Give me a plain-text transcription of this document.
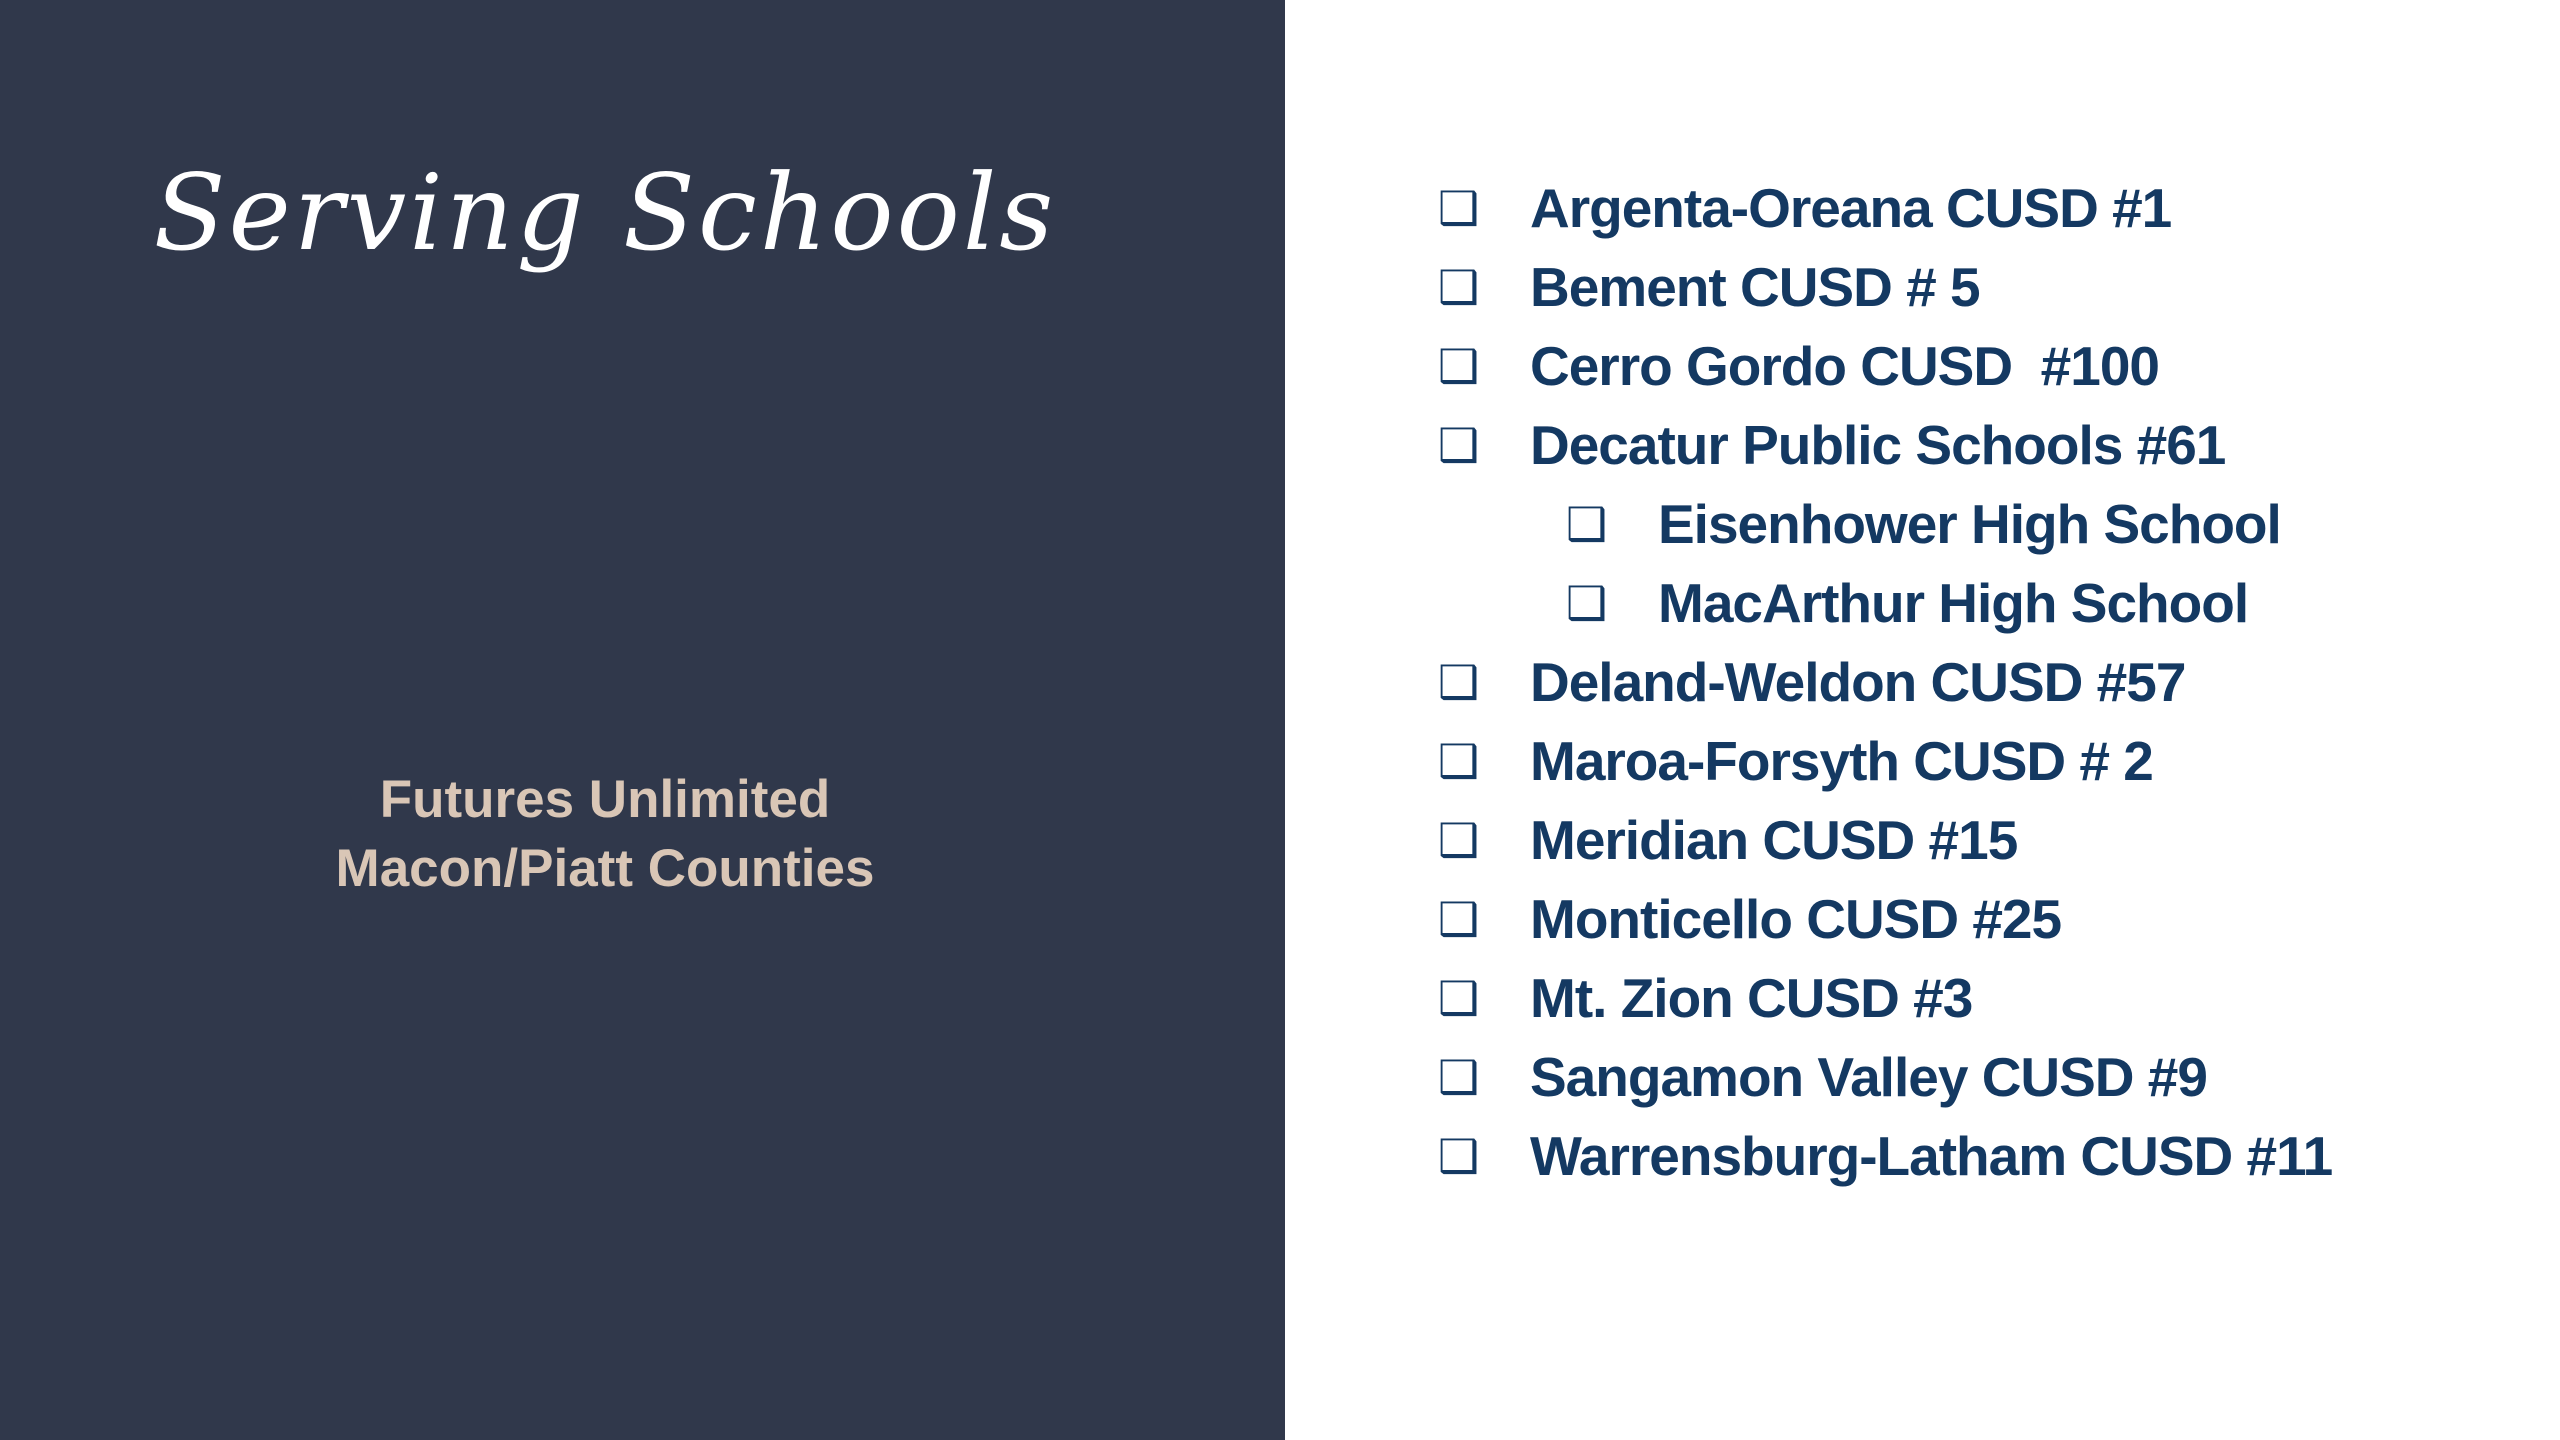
Serving Schools
Futures Unlimited
Macon/Piatt Counties
❑ Argenta-Oreana CUSD #1
❑ Bement CUSD # 5
❑ Cerro Gordo CUSD  #100
❑ Decatur Public Schools #61
❑ Eisenhower High School
❑ MacArthur High School
❑ Deland-Weldon CUSD #57
❑ Maroa-Forsyth CUSD # 2
❑ Meridian CUSD #15
❑ Monticello CUSD #25
❑ Mt. Zion CUSD #3
❑ Sangamon Valley CUSD #9
❑ Warrensburg-Latham CUSD #11
